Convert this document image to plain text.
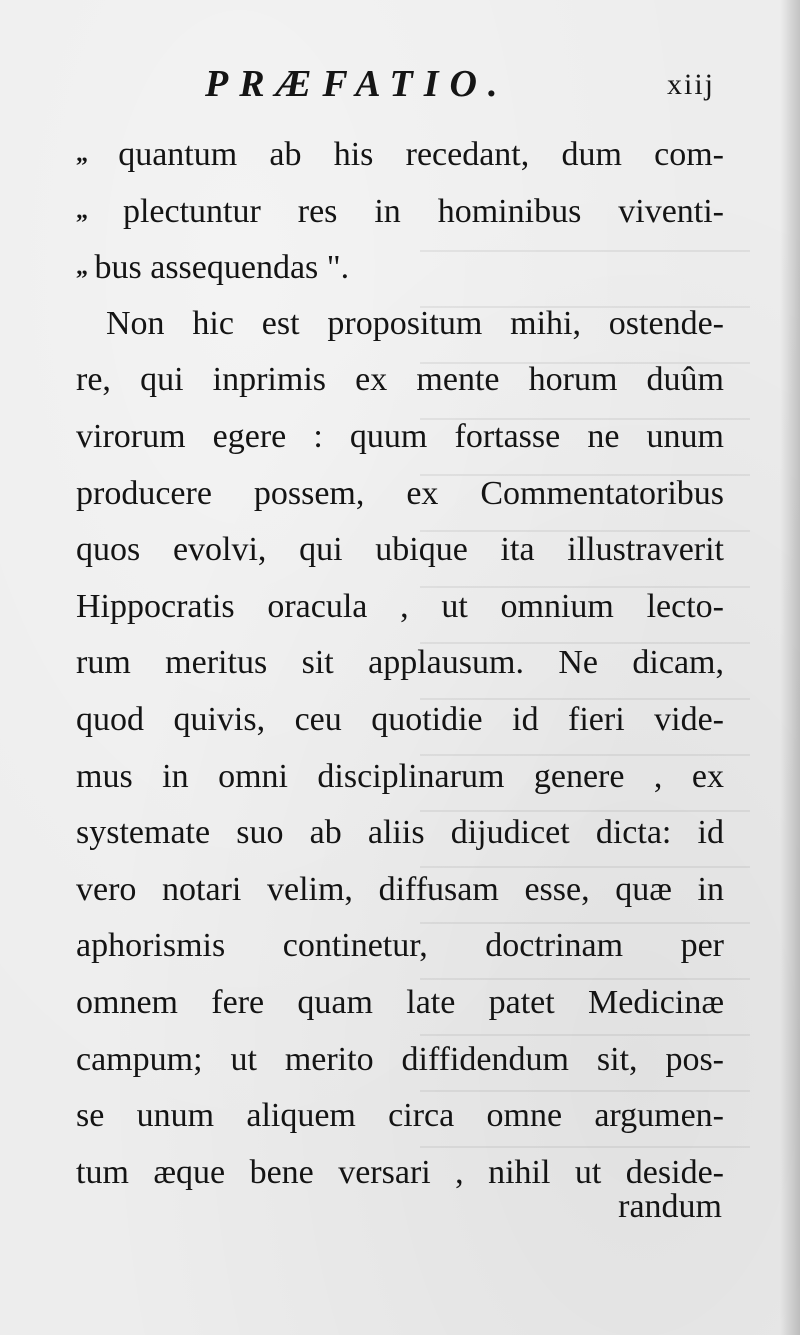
PRÆFATIO.	xiij
„ quantum ab his recedant, dum com-
„ plectuntur res in hominibus viventi-
„ bus assequendas ".
Non hic est propositum mihi, ostende-
re, qui inprimis ex mente horum duûm
virorum egere : quum fortasse ne unum
producere possem, ex Commentatoribus
quos evolvi, qui ubique ita illustraverit
Hippocratis oracula , ut omnium lecto-
rum meritus sit applausum. Ne dicam,
quod quivis, ceu quotidie id fieri vide-
mus in omni disciplinarum genere , ex
systemate suo ab aliis dijudicet dicta: id
vero notari velim, diffusam esse, quæ in
aphorismis continetur, doctrinam per
omnem fere quam late patet Medicinæ
campum; ut merito diffidendum sit, pos-
se unum aliquem circa omne argumen-
tum æque bene versari , nihil ut deside-
randum
